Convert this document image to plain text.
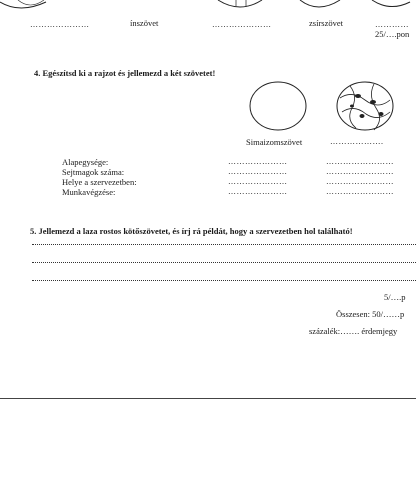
…………………	ínszövet	…………………	zsírszövet	…………
25/….pon
4. Egészítsd ki a rajzot és jellemezd a két szövetet!
Simaizomszövet	……………….
Alapegysége:	…………………	……………………
Sejtmagok száma:	…………………	……………………
Helye a szervezetben:	…………………	……………………
Munkavégzése:	…………………	……………………
5. Jellemezd a laza rostos kötőszövetet, és írj rá példát, hogy a szervezetben hol található!
5/….p
Összesen: 50/……p
százalék:……. érdemjegy
